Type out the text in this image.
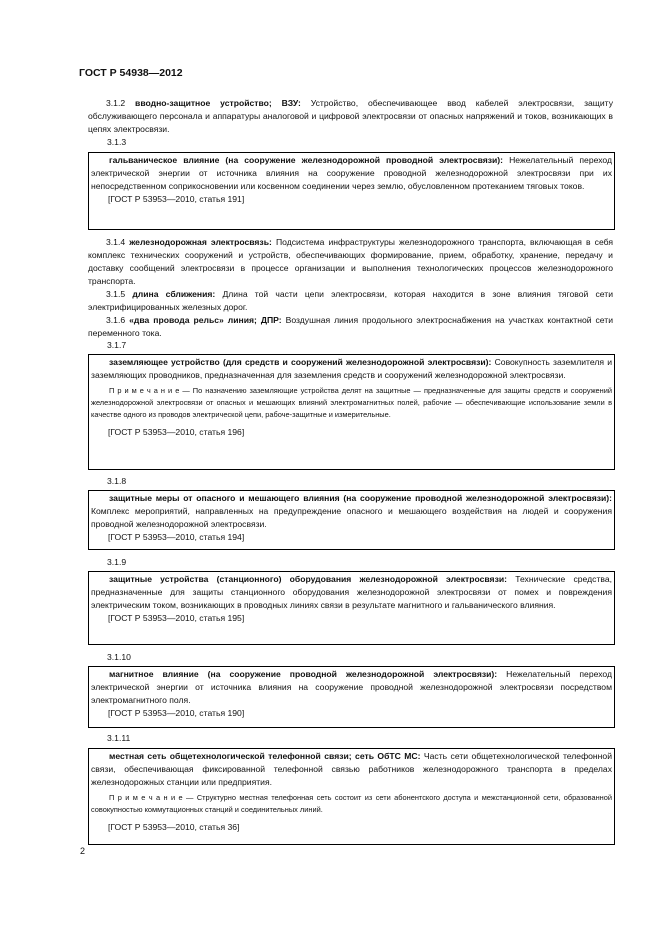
ГОСТ Р 54938—2012
3.1.2 вводно-защитное устройство; ВЗУ: Устройство, обеспечивающее ввод кабелей электросвязи, защиту обслуживающего персонала и аппаратуры аналоговой и цифровой электросвязи от опасных напряжений и токов, возникающих в цепях электросвязи.
3.1.3
гальваническое влияние (на сооружение железнодорожной проводной электросвязи): Нежелательный переход электрической энергии от источника влияния на сооружение проводной железнодорожной электросвязи при их непосредственном соприкосновении или косвенном соединении через землю, обусловленном протеканием тяговых токов.
[ГОСТ Р 53953—2010, статья 191]
3.1.4 железнодорожная электросвязь: Подсистема инфраструктуры железнодорожного транспорта, включающая в себя комплекс технических сооружений и устройств, обеспечивающих формирование, прием, обработку, хранение, передачу и доставку сообщений электросвязи в процессе организации и выполнения технологических процессов железнодорожного транспорта.
3.1.5 длина сближения: Длина той части цепи электросвязи, которая находится в зоне влияния тяговой сети электрифицированных железных дорог.
3.1.6 «два провода рельс» линия; ДПР: Воздушная линия продольного электроснабжения на участках контактной сети переменного тока.
3.1.7
заземляющее устройство (для средств и сооружений железнодорожной электросвязи): Совокупность заземлителя и заземляющих проводников, предназначенная для заземления средств и сооружений железнодорожной электросвязи.
П р и м е ч а н и е — По назначению заземляющие устройства делят на защитные — предназначенные для защиты средств и сооружений железнодорожной электросвязи от опасных и мешающих влияний электромагнитных полей, рабочие — обеспечивающие использование земли в качестве одного из проводов электрической цепи, рабоче-защитные и измерительные.
[ГОСТ Р 53953—2010, статья 196]
3.1.8
защитные меры от опасного и мешающего влияния (на сооружение проводной железнодорожной электросвязи): Комплекс мероприятий, направленных на предупреждение опасного и мешающего воздействия на людей и сооружения проводной железнодорожной электросвязи.
[ГОСТ Р 53953—2010, статья 194]
3.1.9
защитные устройства (станционного) оборудования железнодорожной электросвязи: Технические средства, предназначенные для защиты станционного оборудования железнодорожной электросвязи от помех и повреждения электрическим током, возникающих в проводных линиях связи в результате магнитного и гальванического влияния.
[ГОСТ Р 53953—2010, статья 195]
3.1.10
магнитное влияние (на сооружение проводной железнодорожной электросвязи): Нежелательный переход электрической энергии от источника влияния на сооружение проводной железнодорожной электросвязи посредством электромагнитного поля.
[ГОСТ Р 53953—2010, статья 190]
3.1.11
местная сеть общетехнологической телефонной связи; сеть ОбТС МС: Часть сети общетехнологической телефонной связи, обеспечивающая фиксированной телефонной связью работников железнодорожного транспорта в пределах железнодорожных станции или предприятия.
П р и м е ч а н и е — Структурно местная телефонная сеть состоит из сети абонентского доступа и межстанционной сети, образованной совокупностью коммутационных станций и соединительных линий.
[ГОСТ Р 53953—2010, статья 36]
2
